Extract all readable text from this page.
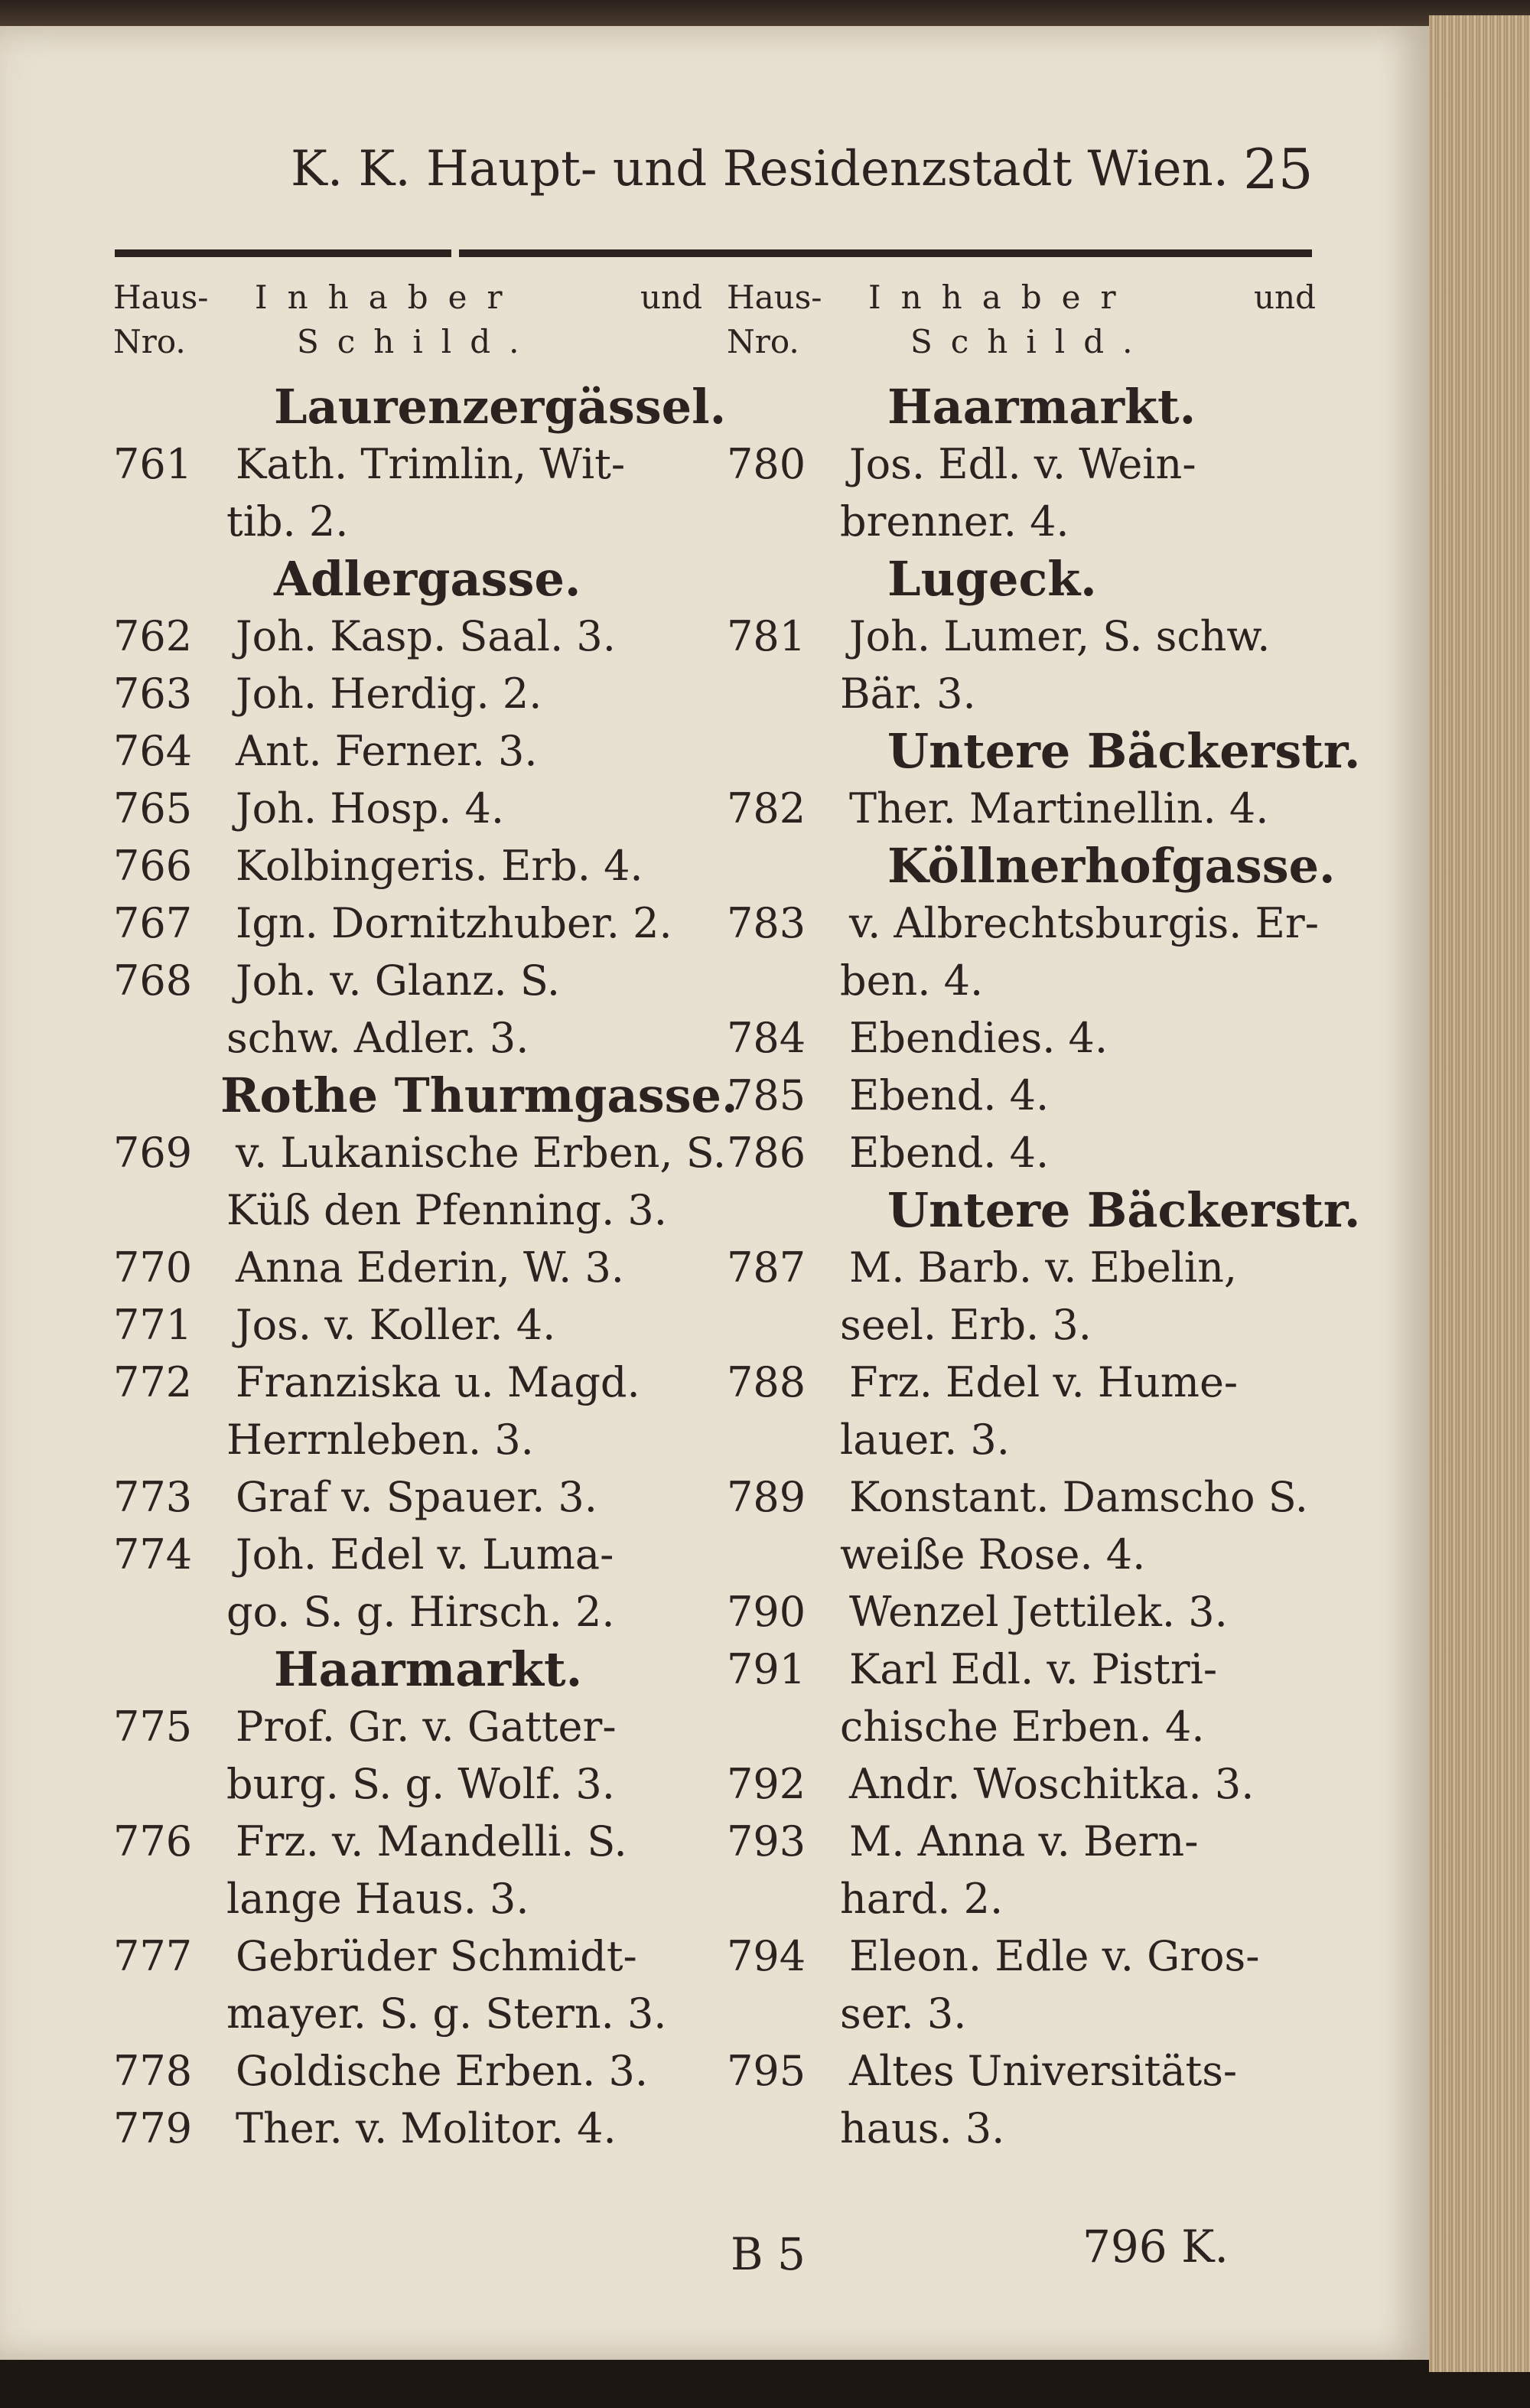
K. K. Haupt- und Residenzstadt Wien. 25
Haus- Inhaber	und
Nro.	Schild.
Laurenzergässel.
761 Kath. Trimlin, Wit-
tib. 2.
Adlergasse.
762 Joh. Kasp. Saal. 3.
763 Joh. Herdig. 2.
764 Ant. Ferner. 3.
765 Joh. Hosp. 4.
766 Kolbingeris. Erb. 4.
767 Ign. Dornitzhuber. 2.
768 Joh. v. Glanz. S.
schw. Adler. 3.
Rothe Thurmgasse.
769 v. Lukanische Erben, S.
Küß den Pfenning. 3.
770 Anna Ederin, W. 3.
771 Jos. v. Koller. 4.
772 Franziska u. Magd.
Herrnleben. 3.
773 Graf v. Spauer. 3.
774 Joh. Edel v. Luma-
go. S. g. Hirsch. 2.
Haarmarkt.
775 Prof. Gr. v. Gatter-
burg. S. g. Wolf. 3.
776 Frz. v. Mandelli. S.
lange Haus. 3.
777 Gebrüder Schmidt-
mayer. S. g. Stern. 3.
778 Goldische Erben. 3.
779 Ther. v. Molitor. 4.
Haus- Inhaber	und
Nro.	Schild.
Haarmarkt.
780 Jos. Edl. v. Wein-
brenner. 4.
Lugeck.
781 Joh. Lumer, S. schw.
Bär. 3.
Untere Bäckerstr.
782 Ther. Martinellin. 4.
Köllnerhofgasse.
783 v. Albrechtsburgis. Er-
ben. 4.
784 Ebendies. 4.
785 Ebend. 4.
786 Ebend. 4.
Untere Bäckerstr.
787 M. Barb. v. Ebelin,
seel. Erb. 3.
788 Frz. Edel v. Hume-
lauer. 3.
789 Konstant. Damscho S.
weiße Rose. 4.
790 Wenzel Jettilek. 3.
791 Karl Edl. v. Pistri-
chische Erben. 4.
792 Andr. Woschitka. 3.
793 M. Anna v. Bern-
hard. 2.
794 Eleon. Edle v. Gros-
ser. 3.
795 Altes Universitäts-
haus. 3.
B 5	796 K.
